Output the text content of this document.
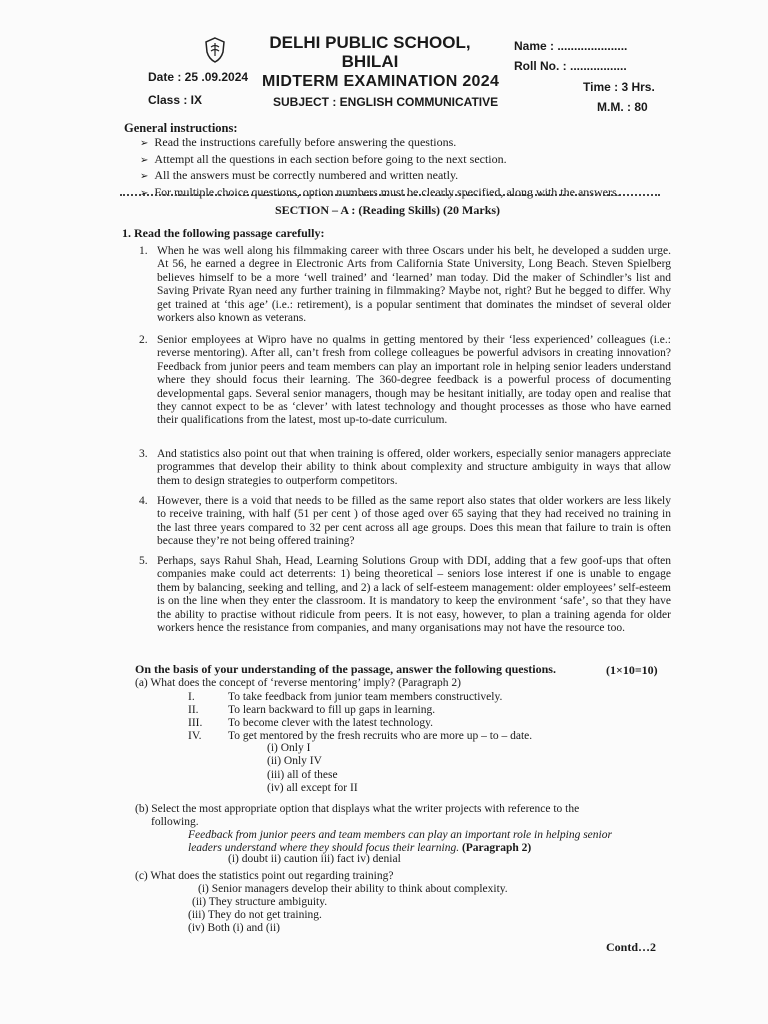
DELHI PUBLIC SCHOOL,
BHILAI
MIDTERM EXAMINATION 2024
SUBJECT : ENGLISH COMMUNICATIVE
Date : 25 .09.2024
Class : IX
Name : .....................
Roll No. : .................
Time : 3 Hrs.
M.M. : 80
General instructions:
➢ Read the instructions carefully before answering the questions.
➢ Attempt all the questions in each section before going to the next section.
➢ All the answers must be correctly numbered and written neatly.
➢ For multiple choice questions, option numbers must be clearly specified, along with the answers.
SECTION – A : (Reading Skills) (20 Marks)
1. Read the following passage carefully:
1. When he was well along his filmmaking career with three Oscars under his belt, he developed a sudden urge. At 56, he earned a degree in Electronic Arts from California State University, Long Beach. Steven Spielberg believes himself to be a more ‘well trained’ and ‘learned’ man today. Did the maker of Schindler’s list and Saving Private Ryan need any further training in filmmaking? Maybe not, right? But he begged to differ. Why get trained at ‘this age’ (i.e.: retirement), is a popular sentiment that dominates the mindset of several older workers also known as veterans.
2. Senior employees at Wipro have no qualms in getting mentored by their ‘less experienced’ colleagues (i.e.: reverse mentoring). After all, can’t fresh from college colleagues be powerful advisors in creating innovation? Feedback from junior peers and team members can play an important role in helping senior leaders understand where they should focus their learning. The 360-degree feedback is a powerful process of documenting developmental gaps. Several senior managers, though may be hesitant initially, are today open and realise that they cannot expect to be as ‘clever’ with latest technology and thought processes as those who have earned their qualifications from the latest, most up-to-date curriculum.
3. And statistics also point out that when training is offered, older workers, especially senior managers appreciate programmes that develop their ability to think about complexity and structure ambiguity in ways that allow them to design strategies to outperform competitors.
4. However, there is a void that needs to be filled as the same report also states that older workers are less likely to receive training, with half (51 per cent ) of those aged over 65 saying that they had received no training in the last three years compared to 32 per cent across all age groups. Does this mean that failure to train is often because they’re not being offered training?
5. Perhaps, says Rahul Shah, Head, Learning Solutions Group with DDI, adding that a few goof-ups that often companies make could act deterrents: 1) being theoretical – seniors lose interest if one is unable to engage them by balancing, seeking and telling, and 2) a lack of self-esteem management: older employees’ self-esteem is on the line when they enter the classroom. It is mandatory to keep the environment ‘safe’, so that they have the ability to practise without ridicule from peers. It is not easy, however, to plan a training agenda for older workers hence the resistance from companies, and many organisations may not have the resource too.
On the basis of your understanding of the passage, answer the following questions.	(1×10=10)
(a) What does the concept of ‘reverse mentoring’ imply? (Paragraph 2)
I.	To take feedback from junior team members constructively.
II.	To learn backward to fill up gaps in learning.
III. To become clever with the latest technology.
IV. To get mentored by the fresh recruits who are more up – to – date.
(i) Only I
(ii) Only IV
(iii) all of these
(iv) all except for II
(b) Select the most appropriate option that displays what the writer projects with reference to the
following.
Feedback from junior peers and team members can play an important role in helping senior
leaders understand where they should focus their learning. (Paragraph 2)
(i) doubt ii) caution iii) fact iv) denial
(c) What does the statistics point out regarding training?
(i) Senior managers develop their ability to think about complexity.
(ii) They structure ambiguity.
(iii) They do not get training.
(iv) Both (i) and (ii)
Contd…2
